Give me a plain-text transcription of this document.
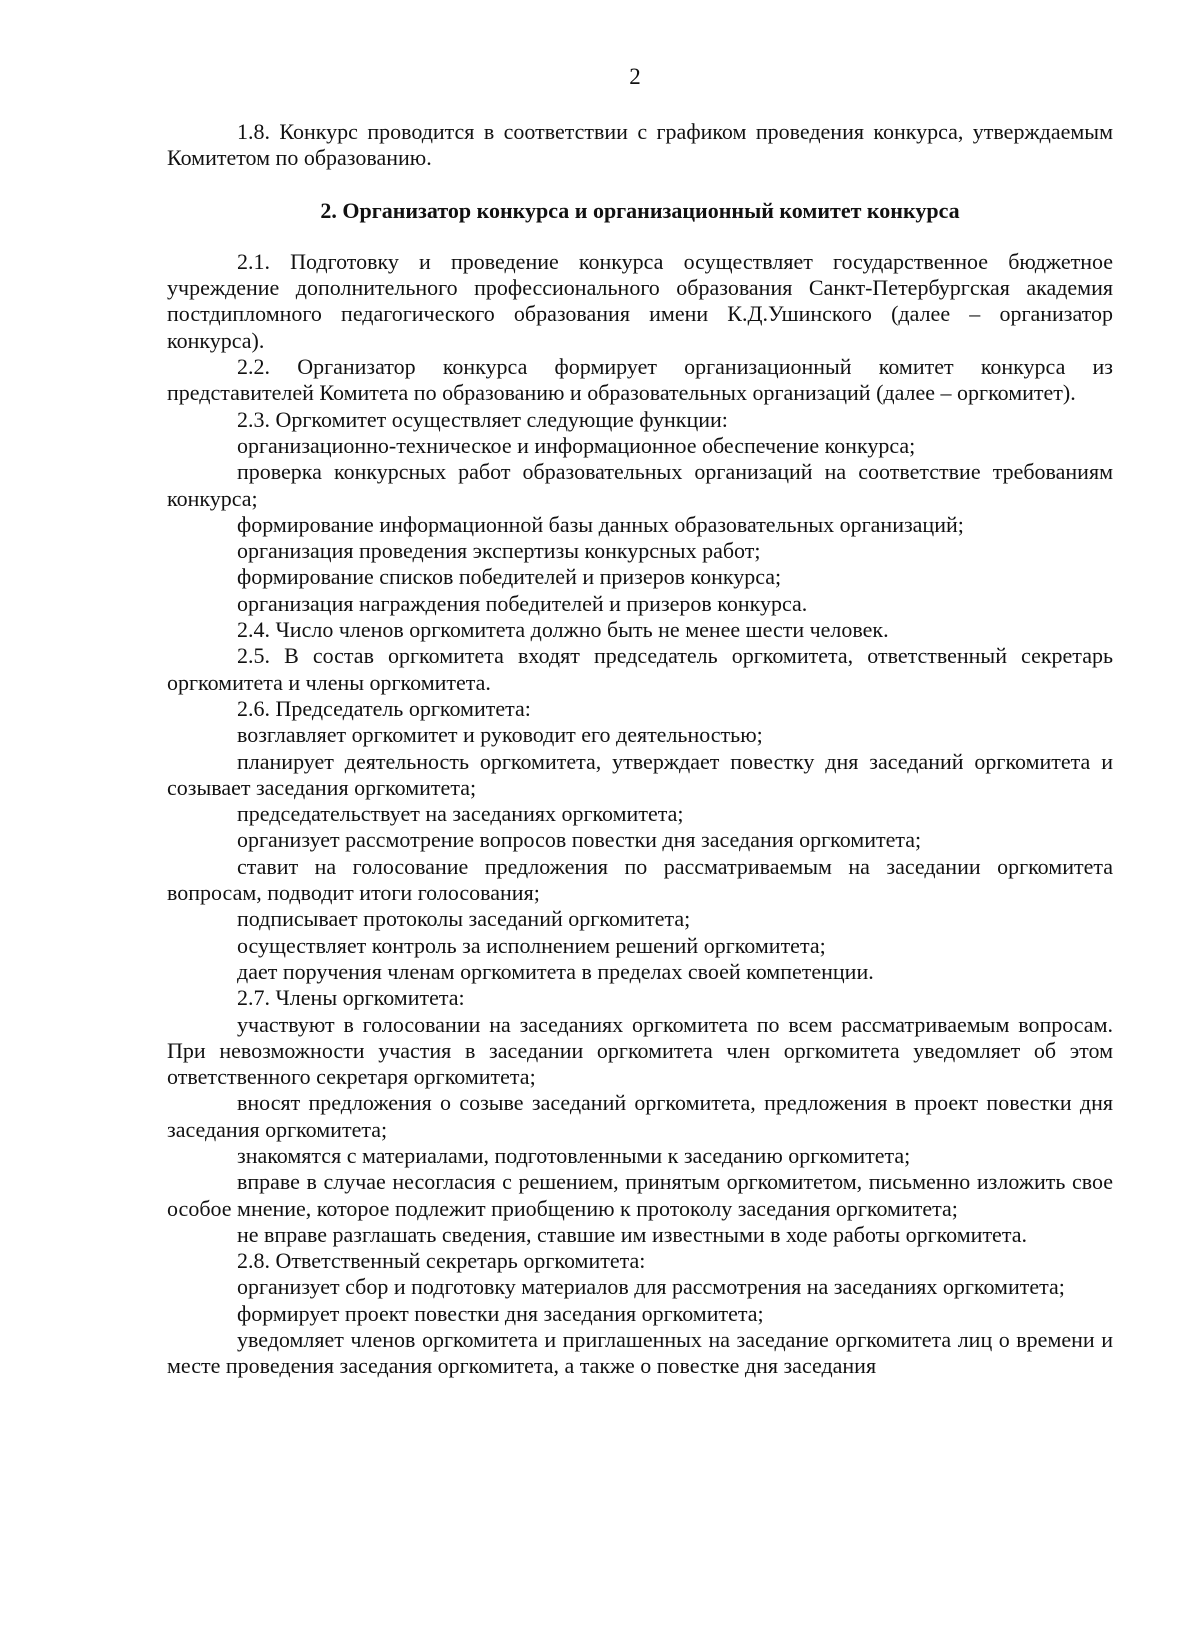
2

1.8. Конкурс проводится в соответствии с графиком проведения конкурса, утверждаемым Комитетом по образованию.

2. Организатор конкурса и организационный комитет конкурса

2.1. Подготовку и проведение конкурса осуществляет государственное бюджетное учреждение дополнительного профессионального образования Санкт-Петербургская академия постдипломного педагогического образования имени К.Д.Ушинского (далее – организатор конкурса).

2.2. Организатор конкурса формирует организационный комитет конкурса из представителей Комитета по образованию и образовательных организаций (далее – оргкомитет).

2.3. Оргкомитет осуществляет следующие функции:

организационно-техническое и информационное обеспечение конкурса;

проверка конкурсных работ образовательных организаций на соответствие требованиям конкурса;

формирование информационной базы данных образовательных организаций;

организация проведения экспертизы конкурсных работ;

формирование списков победителей и призеров конкурса;

организация награждения победителей и призеров конкурса.

2.4. Число членов оргкомитета должно быть не менее шести человек.

2.5. В состав оргкомитета входят председатель оргкомитета, ответственный секретарь оргкомитета и члены оргкомитета.

2.6. Председатель оргкомитета:

возглавляет оргкомитет и руководит его деятельностью;

планирует деятельность оргкомитета, утверждает повестку дня заседаний оргкомитета и созывает заседания оргкомитета;

председательствует на заседаниях оргкомитета;

организует рассмотрение вопросов повестки дня заседания оргкомитета;

ставит на голосование предложения по рассматриваемым на заседании оргкомитета вопросам, подводит итоги голосования;

подписывает протоколы заседаний оргкомитета;

осуществляет контроль за исполнением решений оргкомитета;

дает поручения членам оргкомитета в пределах своей компетенции.

2.7. Члены оргкомитета:

участвуют в голосовании на заседаниях оргкомитета по всем рассматриваемым вопросам. При невозможности участия в заседании оргкомитета член оргкомитета уведомляет об этом ответственного секретаря оргкомитета;

вносят предложения о созыве заседаний оргкомитета, предложения в проект повестки дня заседания оргкомитета;

знакомятся с материалами, подготовленными к заседанию оргкомитета;

вправе в случае несогласия с решением, принятым оргкомитетом, письменно изложить свое особое мнение, которое подлежит приобщению к протоколу заседания оргкомитета;

не вправе разглашать сведения, ставшие им известными в ходе работы оргкомитета.

2.8. Ответственный секретарь оргкомитета:

организует сбор и подготовку материалов для рассмотрения на заседаниях оргкомитета;

формирует проект повестки дня заседания оргкомитета;

уведомляет членов оргкомитета и приглашенных на заседание оргкомитета лиц о времени и месте проведения заседания оргкомитета, а также о повестке дня заседания
